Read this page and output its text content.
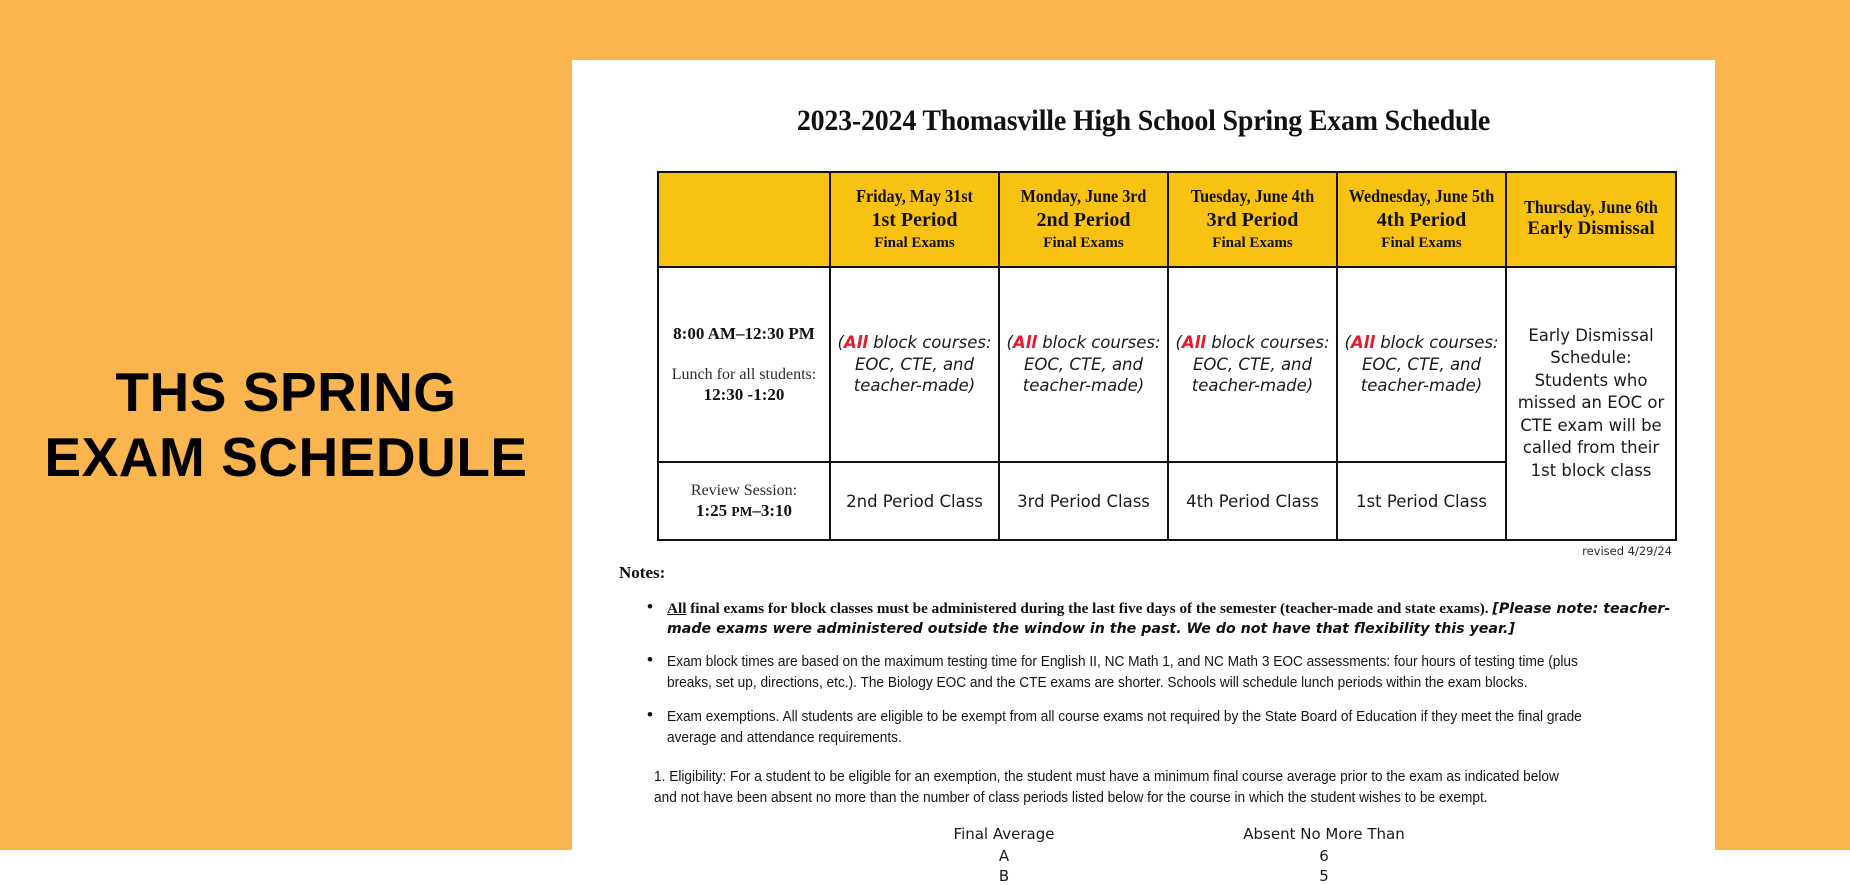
THS SPRING
EXAM SCHEDULE
2023-2024 Thomasville High School Spring Exam Schedule

	Friday, May 31st
1st Period
Final Exams	Monday, June 3rd
2nd Period
Final Exams	Tuesday, June 4th
3rd Period
Final Exams	Wednesday, June 5th
4th Period
Final Exams	Thursday, June 6th
Early Dismissal

8:00 AM–12:30 PM
Lunch for all students:
12:30 -1:20	(All block courses: EOC, CTE, and teacher-made)	(All block courses: EOC, CTE, and teacher-made)	(All block courses: EOC, CTE, and teacher-made)	(All block courses: EOC, CTE, and teacher-made)	Early Dismissal Schedule: Students who missed an EOC or CTE exam will be called from their 1st block class

Review Session:
1:25 PM–3:10	2nd Period Class	3rd Period Class	4th Period Class	1st Period Class	
revised 4/29/24
Notes:
• All final exams for block classes must be administered during the last five days of the semester (teacher-made and state exams). [Please note: teacher-made exams were administered outside the window in the past. We do not have that flexibility this year.]
• Exam block times are based on the maximum testing time for English II, NC Math 1, and NC Math 3 EOC assessments: four hours of testing time (plus breaks, set up, directions, etc.). The Biology EOC and the CTE exams are shorter. Schools will schedule lunch periods within the exam blocks.
• Exam exemptions. All students are eligible to be exempt from all course exams not required by the State Board of Education if they meet the final grade average and attendance requirements.
1. Eligibility: For a student to be eligible for an exemption, the student must have a minimum final course average prior to the exam as indicated below and not have been absent no more than the number of class periods listed below for the course in which the student wishes to be exempt.
Final Average	Absent No More Than
A	6
B	5
